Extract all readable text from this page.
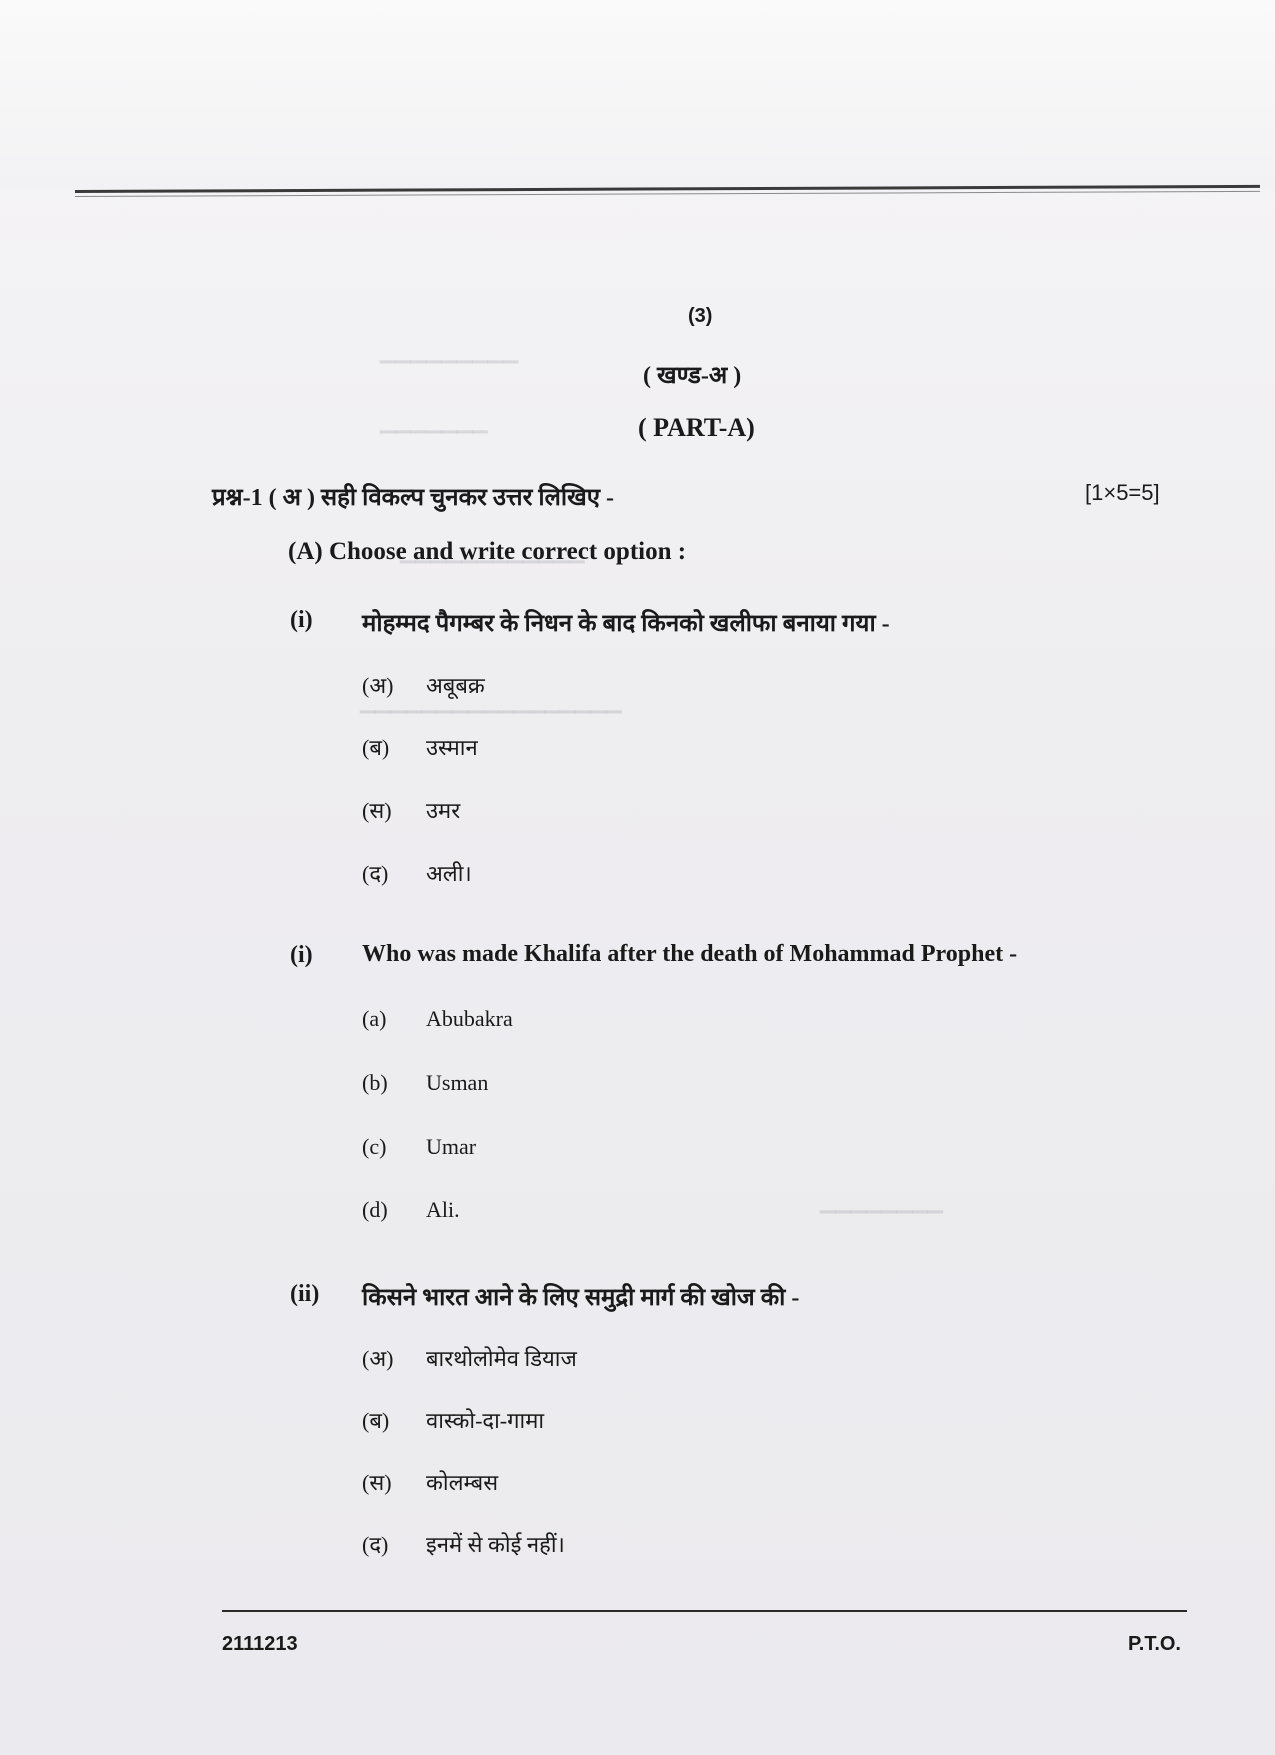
▔▔▔▔▔▔▔▔▔
▔▔▔▔▔▔▔
▔▔▔▔▔▔▔▔▔▔▔▔
▔▔▔▔▔▔▔▔▔▔▔▔▔▔▔▔▔
▔▔▔▔▔▔▔▔
(3)
( खण्ड-अ )
( PART-A)
प्रश्न-1 ( अ ) सही विकल्प चुनकर उत्तर लिखिए -	[1×5=5]
(A) Choose and write correct option :
(i) मोहम्मद पैगम्बर के निधन के बाद किनको खलीफा बनाया गया -
(अ) अबूबक्र
(ब) उस्मान
(स) उमर
(द) अली।
(i) Who was made Khalifa after the death of Mohammad Prophet -
(a) Abubakra
(b) Usman
(c) Umar
(d) Ali.
(ii) किसने भारत आने के लिए समुद्री मार्ग की खोज की -
(अ) बारथोलोमेव डियाज
(ब) वास्को-दा-गामा
(स) कोलम्बस
(द) इनमें से कोई नहीं।
2111213	P.T.O.
